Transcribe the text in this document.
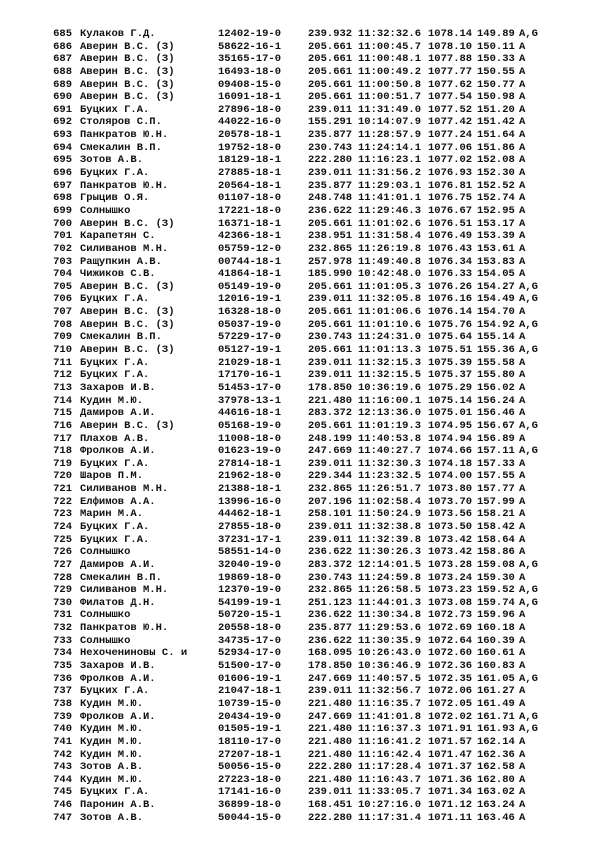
685 Кулаков Г.Д.	12402-19-0	239.932 11:32:32.6 1078.14 149.89 A,G
686 Аверин В.С. (З)	58622-16-1	205.661 11:00:45.7 1078.10 150.11 A
687 Аверин В.С. (З)	35165-17-0	205.661 11:00:48.1 1077.88 150.33 A
688 Аверин В.С. (З)	16493-18-0	205.661 11:00:49.2 1077.77 150.55 A
689 Аверин В.С. (З)	09408-15-0	205.661 11:00:50.8 1077.62 150.77 A
690 Аверин В.С. (З)	16091-18-1	205.661 11:00:51.7 1077.54 150.98 A
691 Буцких Г.А.	27896-18-0	239.011 11:31:49.0 1077.52 151.20 A
692 Столяров С.П.	44022-16-0	155.291 10:14:07.9 1077.42 151.42 A
693 Панкратов Ю.Н.	20578-18-1	235.877 11:28:57.9 1077.24 151.64 A
694 Смекалин В.П.	19752-18-0	230.743 11:24:14.1 1077.06 151.86 A
695 Зотов А.В.	18129-18-1	222.280 11:16:23.1 1077.02 152.08 A
696 Буцких Г.А.	27885-18-1	239.011 11:31:56.2 1076.93 152.30 A
697 Панкратов Ю.Н.	20564-18-1	235.877 11:29:03.1 1076.81 152.52 A
698 Грыцив О.Я.	01107-18-0	248.748 11:41:01.1 1076.75 152.74 A
699 Солнышко	17221-18-0	236.622 11:29:46.3 1076.67 152.95 A
700 Аверин В.С. (З)	16371-18-1	205.661 11:01:02.6 1076.51 153.17 A
701 Карапетян С.	42366-18-1	238.951 11:31:58.4 1076.49 153.39 A
702 Силиванов М.Н.	05759-12-0	232.865 11:26:19.8 1076.43 153.61 A
703 Ращупкин А.В.	00744-18-1	257.978 11:49:40.8 1076.34 153.83 A
704 Чижиков С.В.	41864-18-1	185.990 10:42:48.0 1076.33 154.05 A
705 Аверин В.С. (З)	05149-19-0	205.661 11:01:05.3 1076.26 154.27 A,G
706 Буцких Г.А.	12016-19-1	239.011 11:32:05.8 1076.16 154.49 A,G
707 Аверин В.С. (З)	16328-18-0	205.661 11:01:06.6 1076.14 154.70 A
708 Аверин В.С. (З)	05037-19-0	205.661 11:01:10.6 1075.76 154.92 A,G
709 Смекалин В.П.	57229-17-0	230.743 11:24:31.0 1075.64 155.14 A
710 Аверин В.С. (З)	05127-19-1	205.661 11:01:13.3 1075.51 155.36 A,G
711 Буцких Г.А.	21029-18-1	239.011 11:32:15.3 1075.39 155.58 A
712 Буцких Г.А.	17170-16-1	239.011 11:32:15.5 1075.37 155.80 A
713 Захаров И.В.	51453-17-0	178.850 10:36:19.6 1075.29 156.02 A
714 Кудин М.Ю.	37978-13-1	221.480 11:16:00.1 1075.14 156.24 A
715 Дамиров А.И.	44616-18-1	283.372 12:13:36.0 1075.01 156.46 A
716 Аверин В.С. (З)	05168-19-0	205.661 11:01:19.3 1074.95 156.67 A,G
717 Плахов А.В.	11008-18-0	248.199 11:40:53.8 1074.94 156.89 A
718 Фролков А.И.	01623-19-0	247.669 11:40:27.7 1074.66 157.11 A,G
719 Буцких Г.А.	27814-18-1	239.011 11:32:30.3 1074.18 157.33 A
720 Шаров П.М.	21962-18-0	229.344 11:23:32.5 1074.00 157.55 A
721 Силиванов М.Н.	21388-18-1	232.865 11:26:51.7 1073.80 157.77 A
722 Елфимов А.А.	13996-16-0	207.196 11:02:58.4 1073.70 157.99 A
723 Марин М.А.	44462-18-1	258.101 11:50:24.9 1073.56 158.21 A
724 Буцких Г.А.	27855-18-0	239.011 11:32:38.8 1073.50 158.42 A
725 Буцких Г.А.	37231-17-1	239.011 11:32:39.8 1073.42 158.64 A
726 Солнышко	58551-14-0	236.622 11:30:26.3 1073.42 158.86 A
727 Дамиров А.И.	32040-19-0	283.372 12:14:01.5 1073.28 159.08 A,G
728 Смекалин В.П.	19869-18-0	230.743 11:24:59.8 1073.24 159.30 A
729 Силиванов М.Н.	12370-19-0	232.865 11:26:58.5 1073.23 159.52 A,G
730 Филатов Д.Н.	54199-19-1	251.123 11:44:01.3 1073.08 159.74 A,G
731 Солнышко	50720-15-1	236.622 11:30:34.8 1072.73 159.96 A
732 Панкратов Ю.Н.	20558-18-0	235.877 11:29:53.6 1072.69 160.18 A
733 Солнышко	34735-17-0	236.622 11:30:35.9 1072.64 160.39 A
734 Нехочениновы С. и	52934-17-0	168.095 10:26:43.0 1072.60 160.61 A
735 Захаров И.В.	51500-17-0	178.850 10:36:46.9 1072.36 160.83 A
736 Фролков А.И.	01606-19-1	247.669 11:40:57.5 1072.35 161.05 A,G
737 Буцких Г.А.	21047-18-1	239.011 11:32:56.7 1072.06 161.27 A
738 Кудин М.Ю.	10739-15-0	221.480 11:16:35.7 1072.05 161.49 A
739 Фролков А.И.	20434-19-0	247.669 11:41:01.8 1072.02 161.71 A,G
740 Кудин М.Ю.	01505-19-1	221.480 11:16:37.3 1071.91 161.93 A,G
741 Кудин М.Ю.	18110-17-0	221.480 11:16:41.2 1071.57 162.14 A
742 Кудин М.Ю.	27207-18-1	221.480 11:16:42.4 1071.47 162.36 A
743 Зотов А.В.	50056-15-0	222.280 11:17:28.4 1071.37 162.58 A
744 Кудин М.Ю.	27223-18-0	221.480 11:16:43.7 1071.36 162.80 A
745 Буцких Г.А.	17141-16-0	239.011 11:33:05.7 1071.34 163.02 A
746 Паронин А.В.	36899-18-0	168.451 10:27:16.0 1071.12 163.24 A
747 Зотов А.В.	50044-15-0	222.280 11:17:31.4 1071.11 163.46 A
